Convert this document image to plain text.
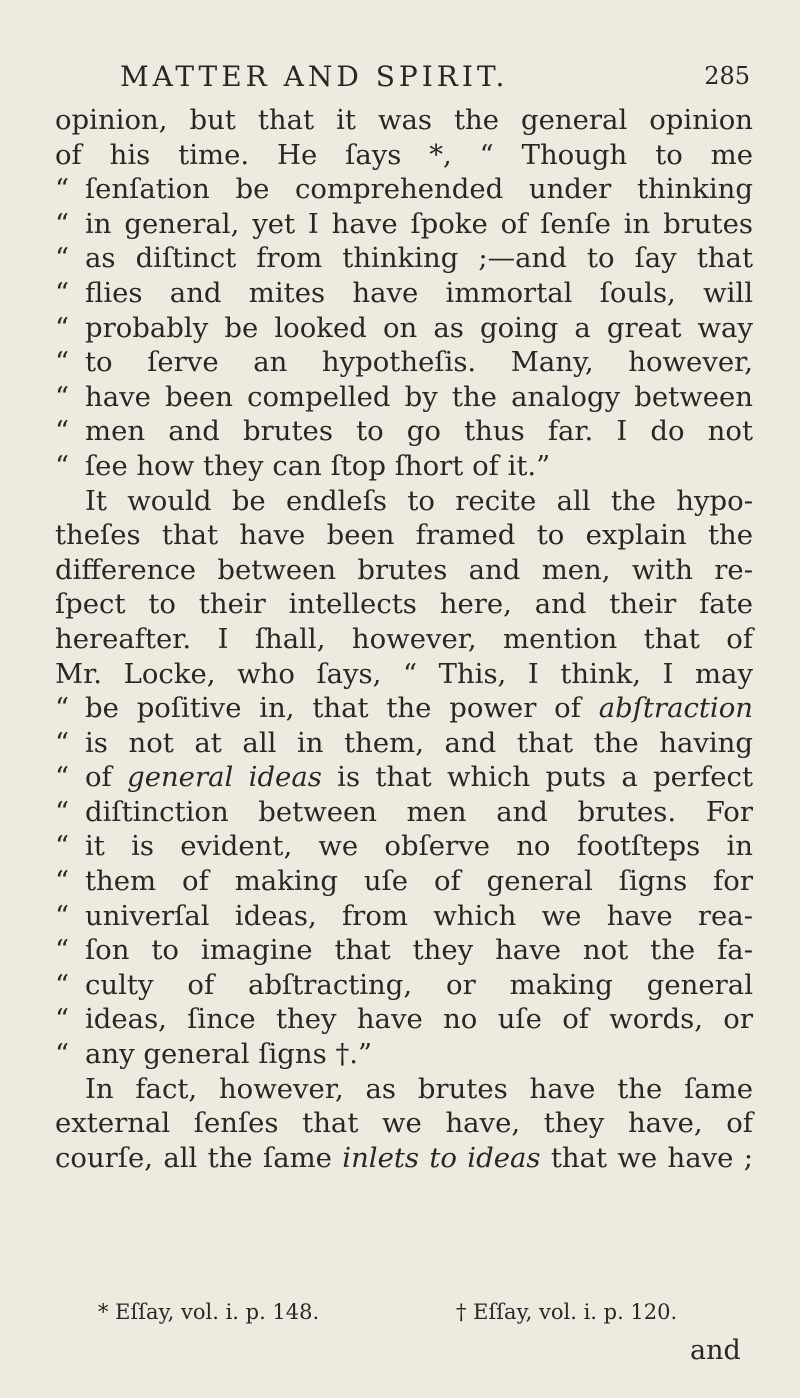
MATTER AND SPIRIT.	285
opinion, but that it was the general opinion
of his time. He ſays *, “ Though to me
“ ſenſation be comprehended under thinking
“ in general, yet I have ſpoke of ſenſe in brutes
“ as diſtinct from thinking ;—and to ſay that
“ flies and mites have immortal ſouls, will
“ probably be looked on as going a great way
“ to ſerve an hypotheſis. Many, however,
“ have been compelled by the analogy between
“ men and brutes to go thus far. I do not
“ ſee how they can ſtop ſhort of it.”
It would be endleſs to recite all the hypo-
theſes that have been framed to explain the
difference between brutes and men, with re-
ſpect to their intellects here, and their fate
hereafter. I ſhall, however, mention that of
Mr. Locke, who ſays, “ This, I think, I may
“ be poſitive in, that the power of abſtraction
“ is not at all in them, and that the having
“ of general ideas is that which puts a perfect
“ diſtinction between men and brutes. For
“ it is evident, we obſerve no footſteps in
“ them of making uſe of general ſigns for
“ univerſal ideas, from which we have rea-
“ ſon to imagine that they have not the fa-
“ culty of abſtracting, or making general
“ ideas, ſince they have no uſe of words, or
“ any general ſigns †.”
In fact, however, as brutes have the ſame
external ſenſes that we have, they have, of
courſe, all the ſame inlets to ideas that we have ;
* Eſſay, vol. i. p. 148.	† Eſſay, vol. i. p. 120.
and
